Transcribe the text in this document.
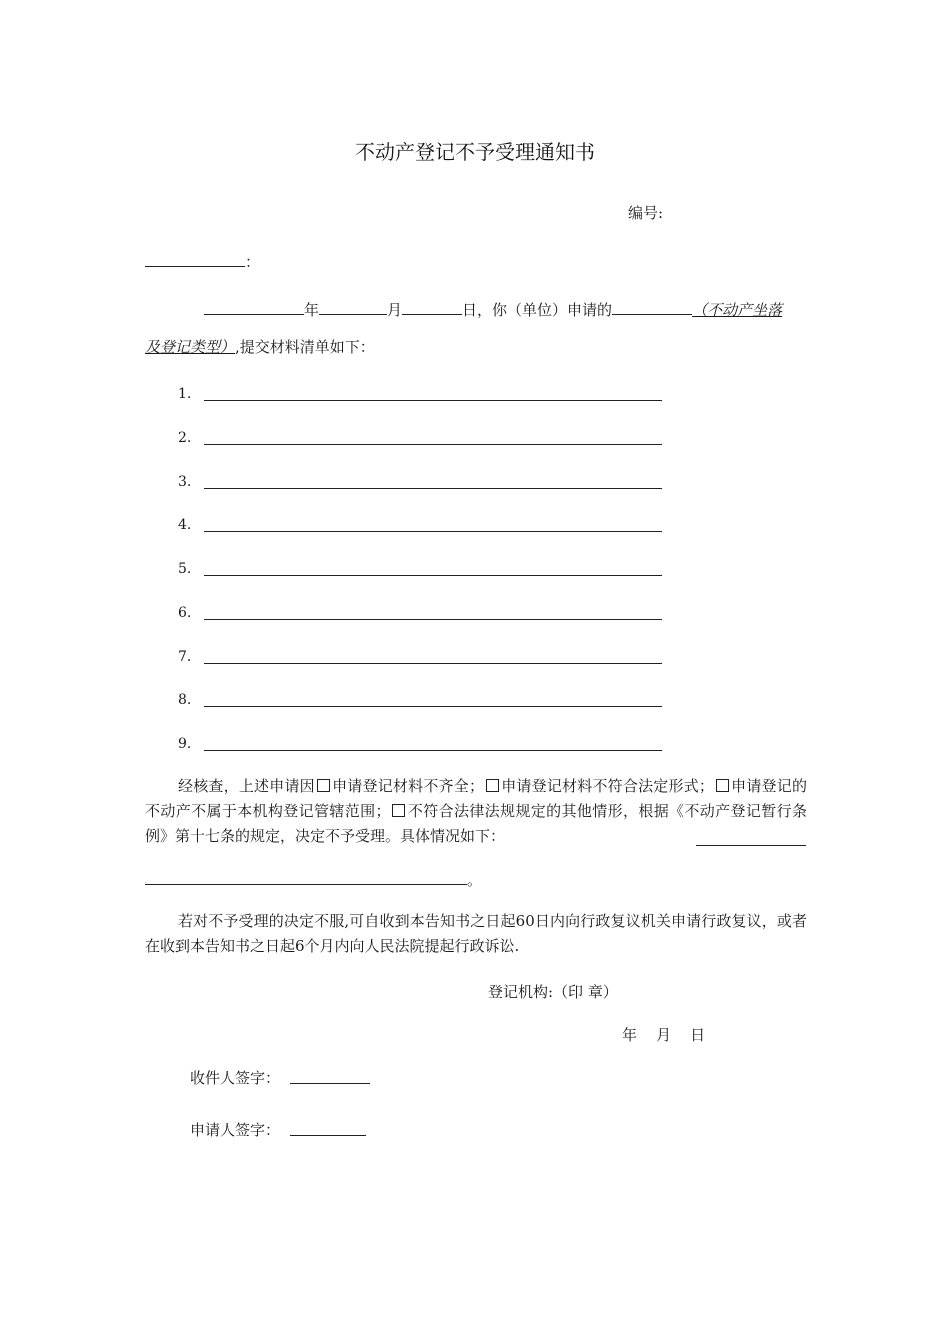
不动产登记不予受理通知书
编号:
：
年	月	日，你（单位）申请的	（不动产坐落
及登记类型）,提交材料清单如下：
1.
2.
3.
4.
5.
6.
7.
8.
9.
经核查，上述申请因 申请登记材料不齐全； 申请登记材料不符合法定形式； 申请登记的不动产不属于本机构登记管辖范围； 不符合法律法规规定的其他情形，根据《不动产登记暂行条例》第十七条的规定，决定不予受理。具体情况如下：
。
若对不予受理的决定不服,可自收到本告知书之日起60日内向行政复议机关申请行政复议，或者在收到本告知书之日起6个月内向人民法院提起行政诉讼.
登记机构:（印 章）
年    月    日
收件人签字：
申请人签字：
